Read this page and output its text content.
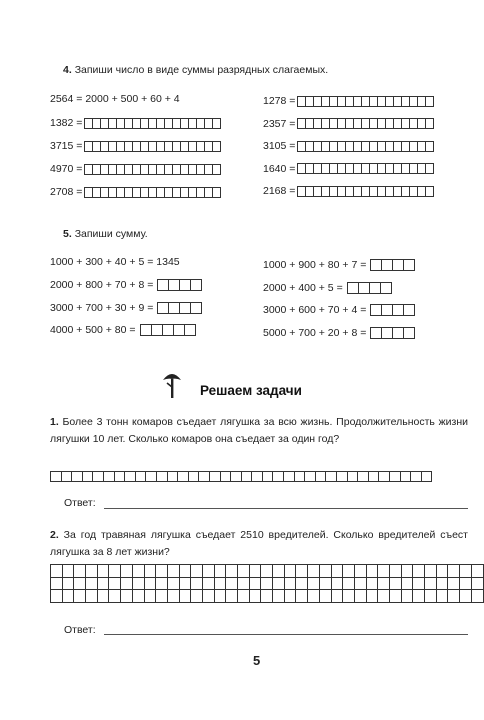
4. Запиши число в виде суммы разрядных слагаемых.
2564 = 2000 + 500 + 60 + 4
1382 =
3715 =
4970 =
2708 =
1278 =
2357 =
3105 =
1640 =
2168 =
5. Запиши сумму.
1000 + 300 + 40 + 5 = 1345
2000 + 800 + 70 + 8 =
3000 + 700 + 30 + 9 =
4000 + 500 + 80 =
1000 + 900 + 80 + 7 =
2000 + 400 + 5 =
3000 + 600 + 70 + 4 =
5000 + 700 + 20 + 8 =
Решаем задачи
1. Более 3 тонн комаров съедает лягушка за всю жизнь. Продолжительность жизни лягушки 10 лет. Сколько комаров она съедает за один год?
Ответ:
2. За год травяная лягушка съедает 2510 вредителей. Сколько вредителей съест лягушка за 8 лет жизни?

Ответ:
5
